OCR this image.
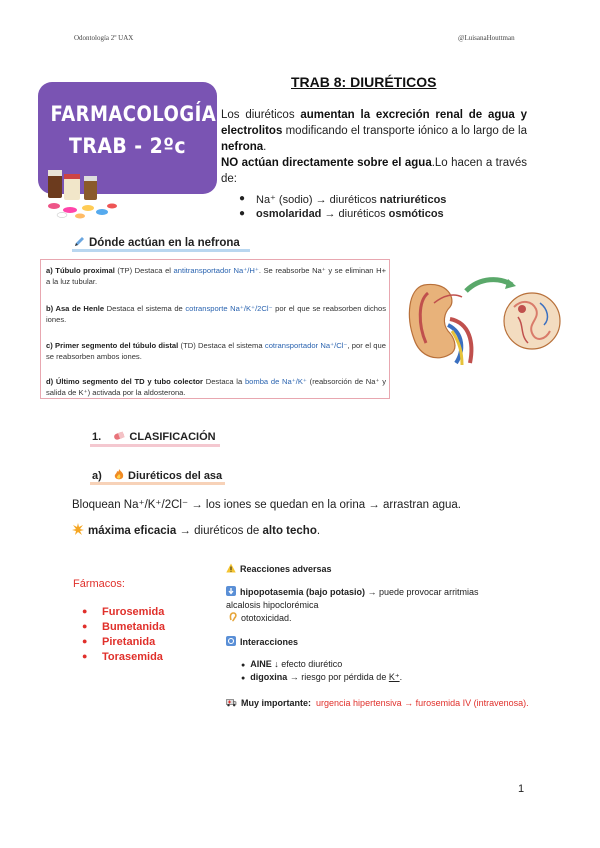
Odontología 2º UAX	@LuisanaHouttman
FARMACOLOGÍA
TRAB - 2ºc
TRAB 8: DIURÉTICOS
Los diuréticos aumentan la excreción renal de agua y electrolitos modificando el transporte iónico a lo largo de la nefrona.
NO actúan directamente sobre el agua.Lo hacen a través de:
● Na⁺ (sodio) → diuréticos natriuréticos
● osmolaridad → diuréticos osmóticos
Dónde actúan en la nefrona
a) Túbulo proximal (TP) Destaca el antitransportador Na⁺/H⁺. Se reabsorbe Na⁺ y se eliminan H+ a la luz tubular.
b) Asa de Henle Destaca el sistema de cotransporte Na⁺/K⁺/2Cl⁻ por el que se reabsorben dichos iones.
c) Primer segmento del túbulo distal (TD) Destaca el sistema cotransportador Na⁺/Cl⁻, por el que se reabsorben ambos iones.
d) Último segmento del TD y tubo colector Destaca la bomba de Na⁺/K⁺ (reabsorción de Na⁺ y salida de K⁺) activada por la aldosterona.
1.	CLASIFICACIÓN
a) Diuréticos del asa
Bloquean Na⁺/K⁺/2Cl⁻ → los iones se quedan en la orina → arrastran agua.
máxima eficacia → diuréticos de alto techo.
Fármacos:
● Furosemida
● Bumetanida
● Piretanida
● Torasemida
Reacciones adversas
hipopotasemia (bajo potasio) → puede provocar arritmias
alcalosis hipoclorémica
ototoxicidad.
Interacciones
● AINE ↓ efecto diurético
● digoxina → riesgo por pérdida de K⁺.
Muy importante: urgencia hipertensiva → furosemida IV (intravenosa).
1
